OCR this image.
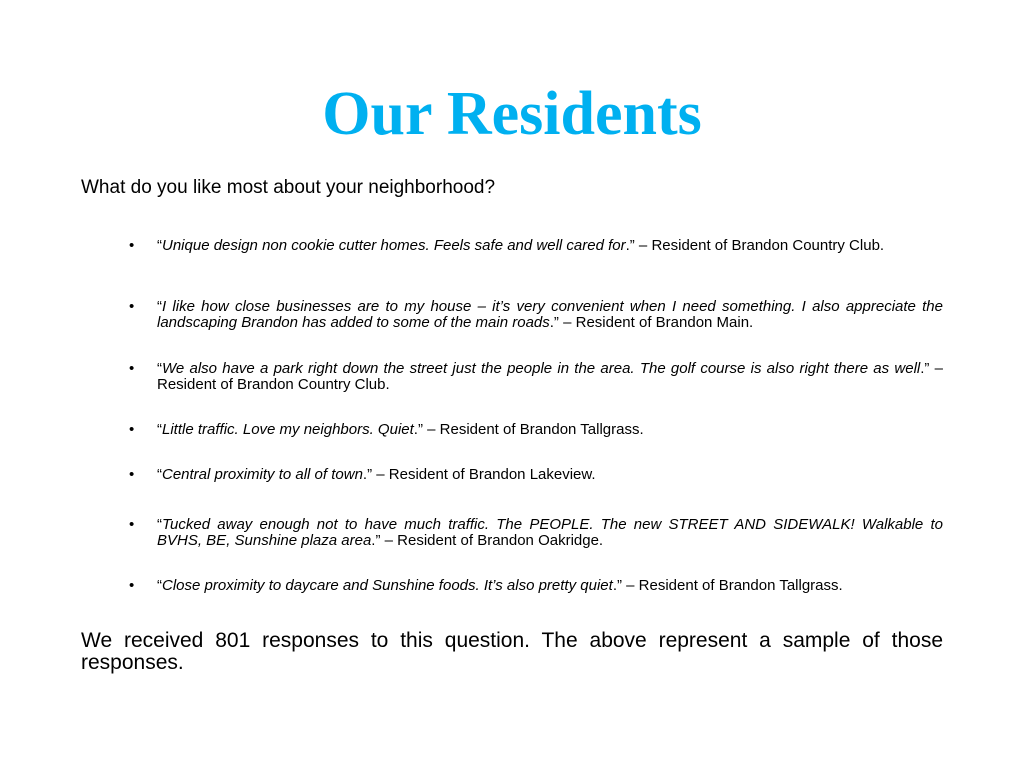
Our Residents

What do you like most about your neighborhood?

•	“Unique design non cookie cutter homes. Feels safe and well cared for.” – Resident of Brandon Country Club.
•	“I like how close businesses are to my house – it’s very convenient when I need something. I also appreciate the landscaping Brandon has added to some of the main roads.” – Resident of Brandon Main.
•	“We also have a park right down the street just the people in the area. The golf course is also right there as well.” –Resident of Brandon Country Club.
•	“Little traffic. Love my neighbors. Quiet.” – Resident of Brandon Tallgrass.
•	“Central proximity to all of town.” – Resident of Brandon Lakeview.
•	“Tucked away enough not to have much traffic. The PEOPLE. The new STREET AND SIDEWALK! Walkable to BVHS, BE, Sunshine plaza area.” – Resident of Brandon Oakridge.
•	“Close proximity to daycare and Sunshine foods. It’s also pretty quiet.” – Resident of Brandon Tallgrass.

We received 801 responses to this question. The above represent a sample of those responses.
